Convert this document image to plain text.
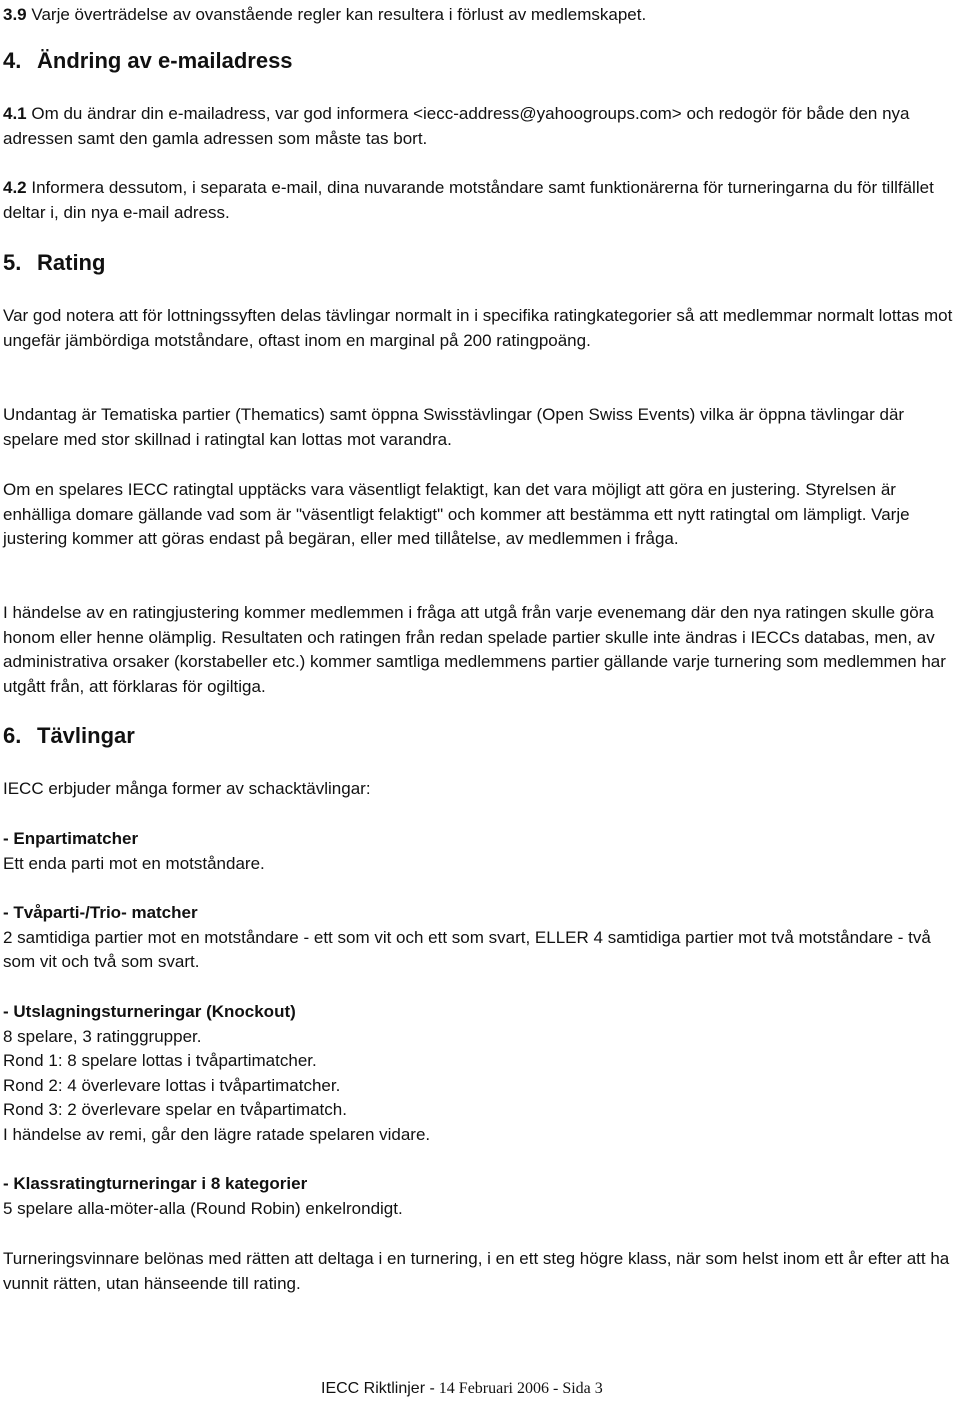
3.9 Varje överträdelse av ovanstående regler kan resultera i förlust av medlemskapet.
4. Ändring av e-mailadress
4.1 Om du ändrar din e-mailadress, var god informera <iecc-address@yahoogroups.com> och redogör för både den nya adressen samt den gamla adressen som måste tas bort.
4.2 Informera dessutom, i separata e-mail, dina nuvarande motståndare samt funktionärerna för turneringarna du för tillfället deltar i, din nya e-mail adress.
5. Rating
Var god notera att för lottningssyften delas tävlingar normalt in i specifika ratingkategorier så att medlemmar normalt lottas mot ungefär jämbördiga motståndare, oftast inom en marginal på 200 ratingpoäng.
Undantag är Tematiska partier (Thematics) samt öppna Swisstävlingar (Open Swiss Events) vilka är öppna tävlingar där spelare med stor skillnad i ratingtal kan lottas mot varandra.
Om en spelares IECC ratingtal upptäcks vara väsentligt felaktigt, kan det vara möjligt att göra en justering. Styrelsen är enhälliga domare gällande vad som är "väsentligt felaktigt" och kommer att bestämma ett nytt ratingtal om lämpligt. Varje justering kommer att göras endast på begäran, eller med tillåtelse, av medlemmen i fråga.
I händelse av en ratingjustering kommer medlemmen i fråga att utgå från varje evenemang där den nya ratingen skulle göra honom eller henne olämplig. Resultaten och ratingen från redan spelade partier skulle inte ändras i IECCs databas, men, av administrativa orsaker (korstabeller etc.) kommer samtliga medlemmens partier gällande varje turnering som medlemmen har utgått från, att förklaras för ogiltiga.
6. Tävlingar
IECC erbjuder många former av schacktävlingar:
- Enpartimatcher
Ett enda parti mot en motståndare.
- Tvåparti-/Trio- matcher
2 samtidiga partier mot en motståndare - ett som vit och ett som svart, ELLER 4 samtidiga partier mot två motståndare - två som vit och två som svart.
- Utslagningsturneringar (Knockout)
8 spelare, 3 ratinggrupper.
Rond 1: 8 spelare lottas i tvåpartimatcher.
Rond 2: 4 överlevare lottas i tvåpartimatcher.
Rond 3: 2 överlevare spelar en tvåpartimatch.
I händelse av remi, går den lägre ratade spelaren vidare.
- Klassratingturneringar i 8 kategorier
5 spelare alla-möter-alla (Round Robin) enkelrondigt.
Turneringsvinnare belönas med rätten att deltaga i en turnering, i en ett steg högre klass, när som helst inom ett år efter att ha vunnit rätten, utan hänseende till rating.
IECC Riktlinjer - 14 Februari 2006 - Sida 3
